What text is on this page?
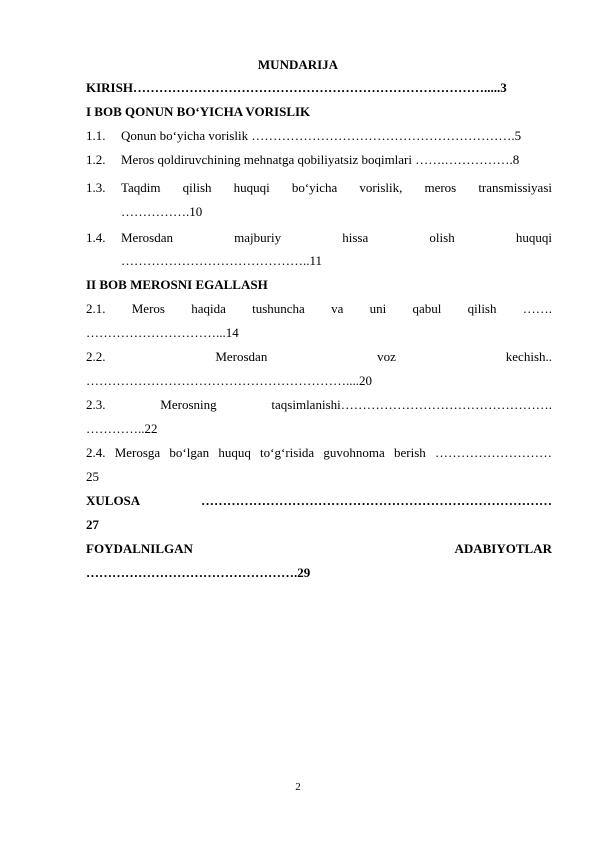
MUNDARIJA
KIRISH……………………………………………………………………….....3
I BOB QONUN BO‘YICHA VORISLIK
1.1. Qonun bo‘yicha vorislik …………………………………………………….5
1.2. Meros qoldiruvchining mehnatga qobiliyatsiz boqimlari …….…………….8
1.3.	Taqdim qilish huquqi bo‘yicha vorislik, meros transmissiyasi
…………….10
1.4.	Merosdan majburiy hissa olish huquqi
……………………………………..11
II BOB MEROSNI EGALLASH
2.1. Meros haqida tushuncha va uni qabul qilish …….
…………………………...14
2.2. Merosdan voz kechish..
……………………………………………………....20
2.3. Merosning taqsimlanishi………………………………………….
…………..22
2.4. Merosga bo‘lgan huquq to‘g‘risida guvohnoma berish ………………………
25
XULOSA ………………………………………………………………………
27
FOYDALNILGAN ADABIYOTLAR
………………………………………….29
2
